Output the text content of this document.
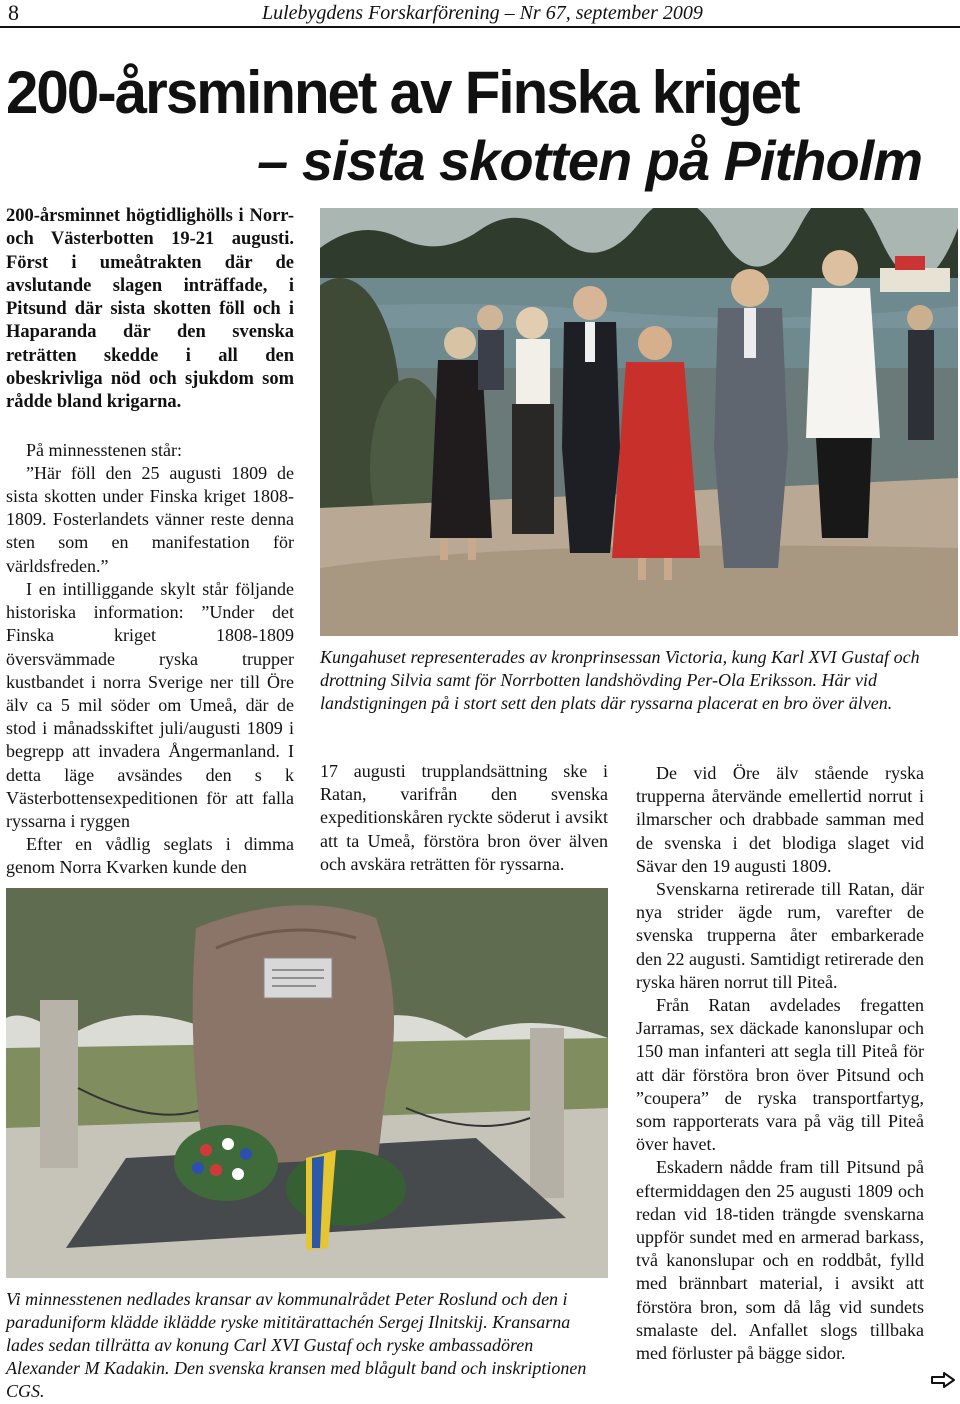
8	Lulebygdens Forskarförening – Nr 67, september 2009
200-årsminnet av Finska kriget
– sista skotten på Pitholm

200-årsminnet högtidlighölls i Norr- och Västerbotten 19-21 augusti. Först i umeåtrakten där de avslutande slagen inträffade, i Pitsund där sista skotten föll och i Haparanda där den svenska reträtten skedde i all den obeskrivliga nöd och sjukdom som rådde bland krigarna.

På minnesstenen står:

”Här föll den 25 augusti 1809 de sista skotten under Finska kriget 1808-1809. Fosterlandets vänner reste denna sten som en manifestation för världsfreden.”

I en intilliggande skylt står följande historiska information: ”Under det Finska kriget 1808-1809 översvämmade ryska trupper kustbandet i norra Sverige ner till Öre älv ca 5 mil söder om Umeå, där de stod i månadsskiftet juli/augusti 1809 i begrepp att invadera Ångermanland. I detta läge avsändes den s k Västerbottensexpeditionen för att falla ryssarna i ryggen

Efter en vådlig seglats i dimma genom Norra Kvarken kunde den

Kungahuset representerades av kronprinsessan Victoria, kung Karl XVI Gustaf och drottning Silvia samt för Norrbotten landshövding Per-Ola Eriksson. Här vid landstigningen på i stort sett den plats där ryssarna placerat en bro över älven.

17 augusti trupplandsättning ske i Ratan, varifrån den svenska expeditionskåren ryckte söderut i avsikt att ta Umeå, förstöra bron över älven och avskära reträtten för ryssarna.

De vid Öre älv stående ryska trupperna återvände emellertid norrut i ilmarscher och drabbade samman med de svenska i det blodiga slaget vid Sävar den 19 augusti 1809.

Svenskarna retirerade till Ratan, där nya strider ägde rum, varefter de svenska trupperna åter embarkerade den 22 augusti. Samtidigt retirerade den ryska hären norrut till Piteå.

Från Ratan avdelades fregatten Jarramas, sex däckade kanonslupar och 150 man infanteri att segla till Piteå för att där förstöra bron över Pitsund och ”coupera” de ryska transportfartyg, som rapporterats vara på väg till Piteå över havet.

Eskadern nådde fram till Pitsund på eftermiddagen den 25 augusti 1809 och redan vid 18-tiden trängde svenskarna uppför sundet med en armerad barkass, två kanonslupar och en roddbåt, fylld med brännbart material, i avsikt att förstöra bron, som då låg vid sundets smalaste del. Anfallet slogs tillbaka med förluster på bägge sidor.

Vi minnesstenen nedlades kransar av kommunalrådet Peter Roslund och den i paraduniform klädde ikläddе ryske mititärattachén Sergej Ilnitskij. Kransarna lades sedan tillrätta av konung Carl XVI Gustaf och ryske ambassadören Alexander M Kadakin. Den svenska kransen med blågult band och inskriptionen CGS.
